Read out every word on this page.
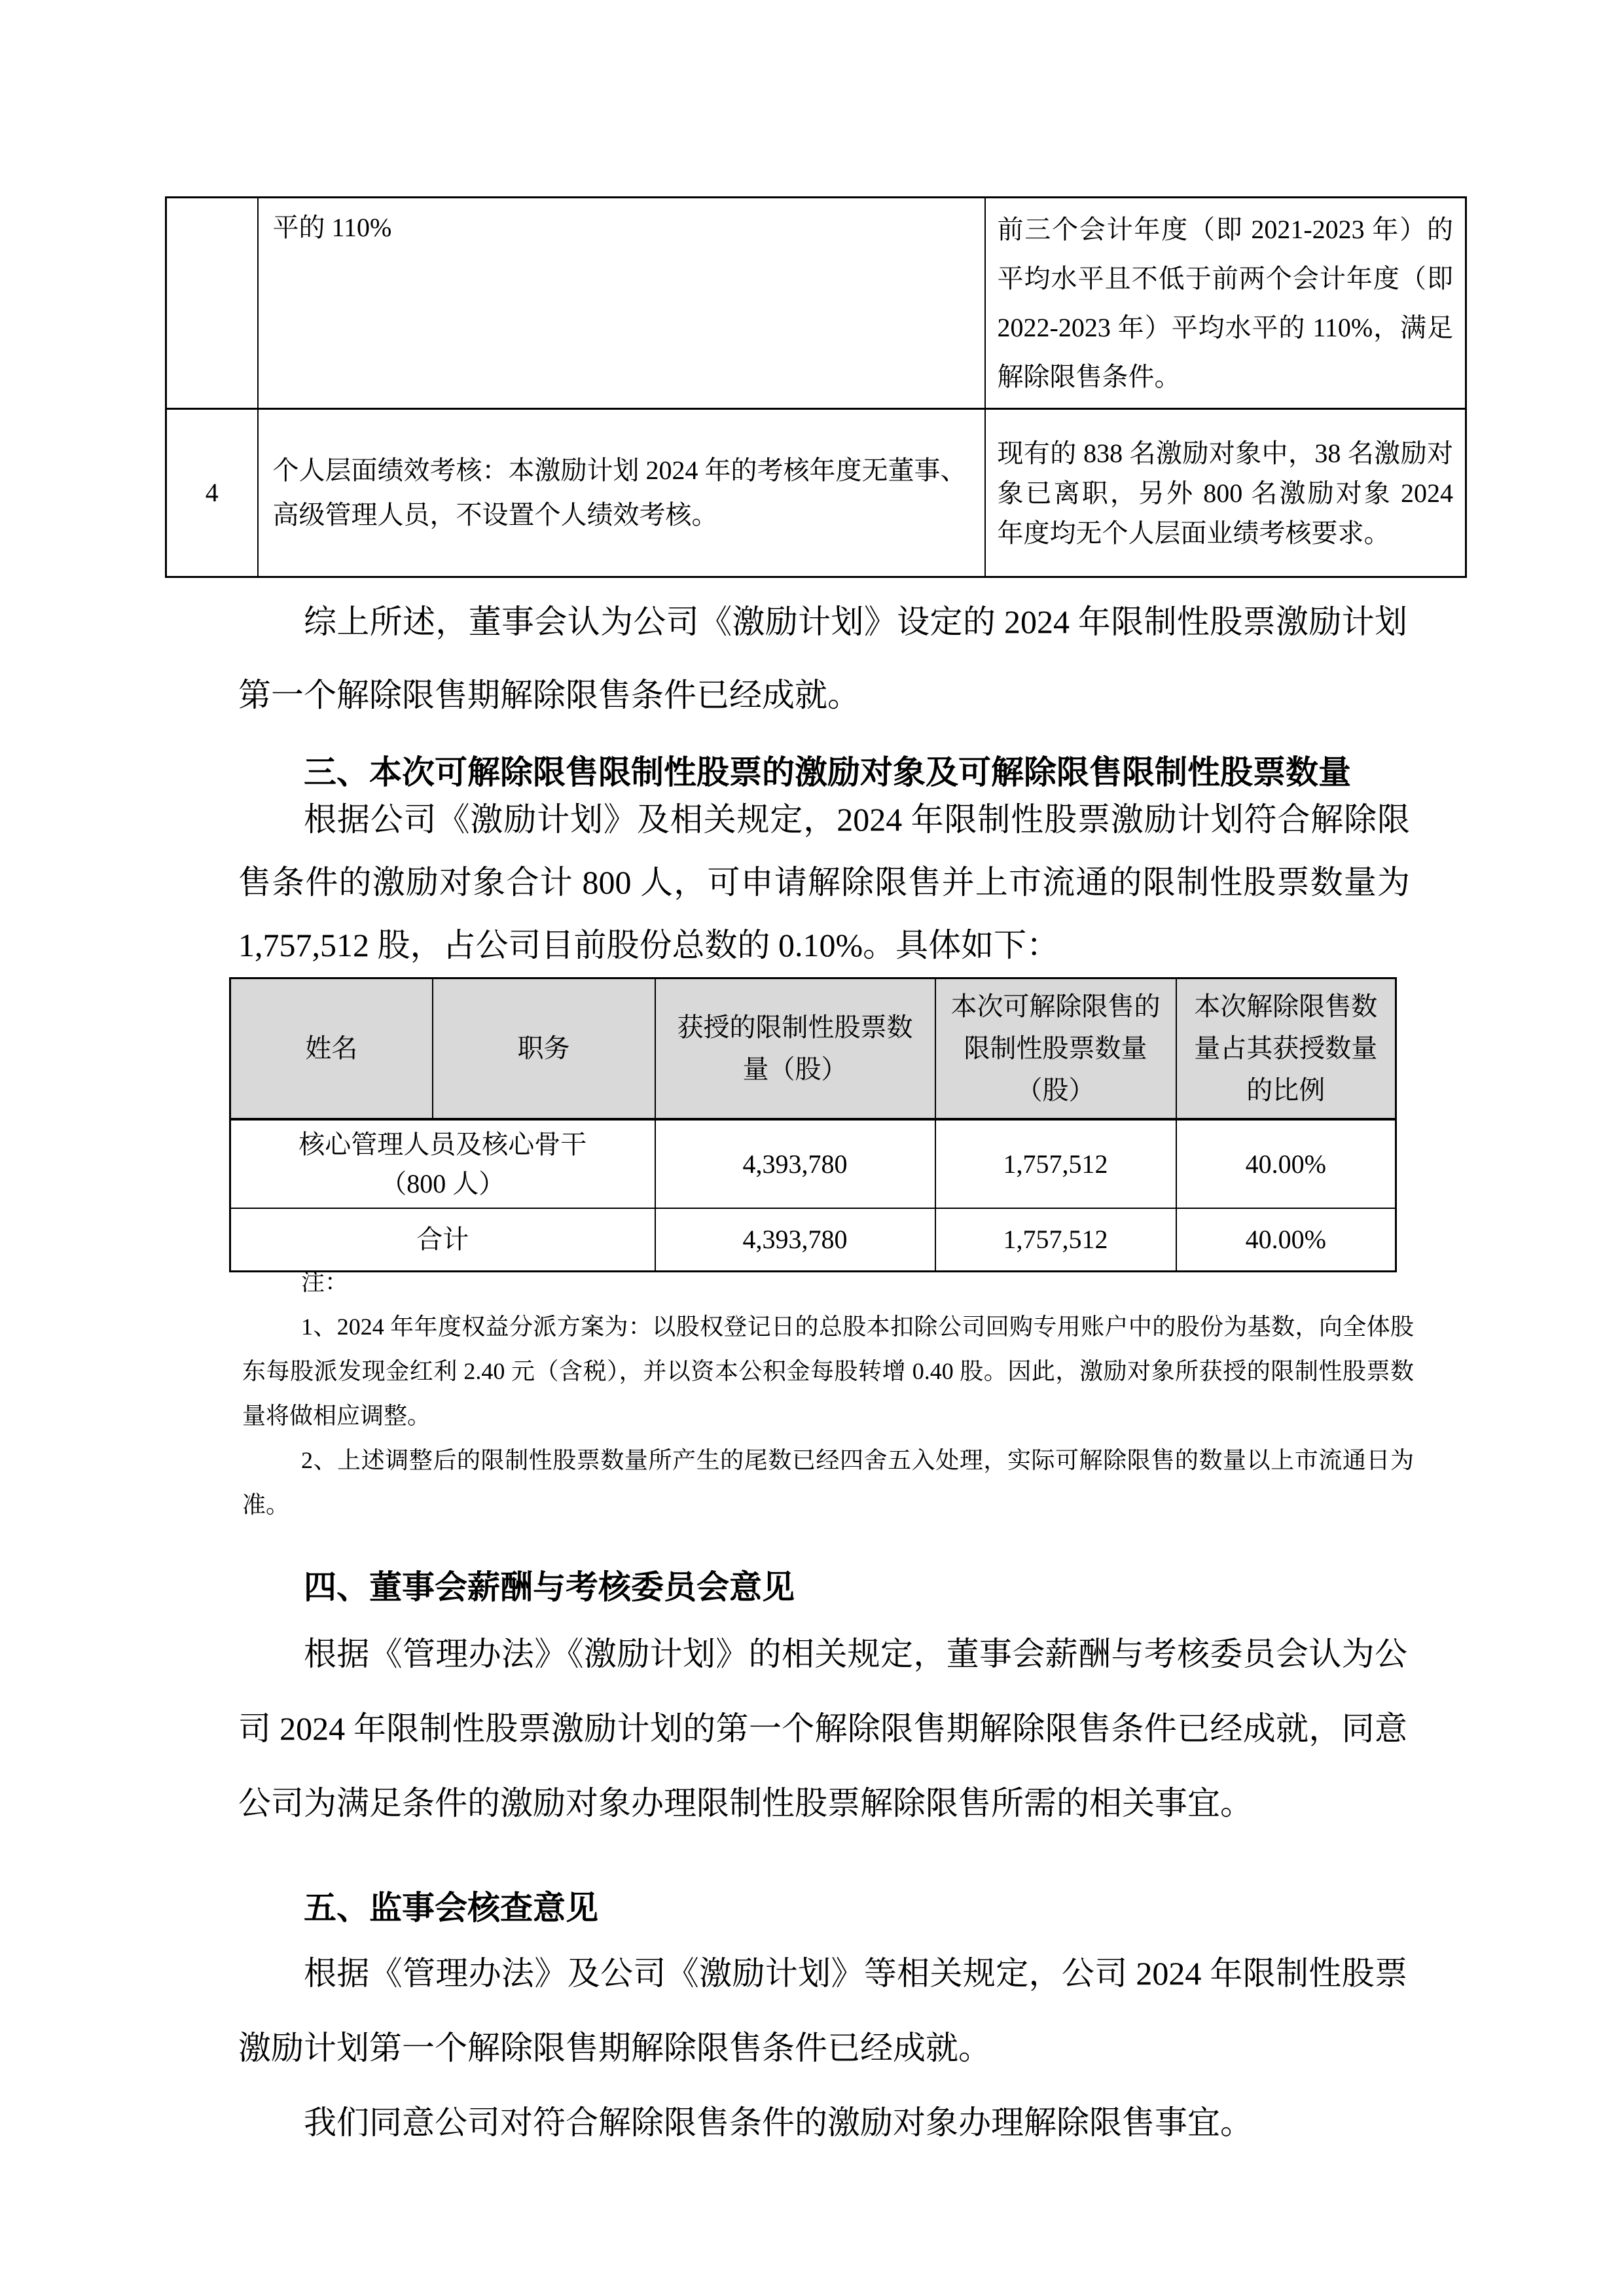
	平的 110%	前三个会计年度（即 2021-2023 年）的平均水平且不低于前两个会计年度（即 2022-2023 年）平均水平的 110%，满足解除限售条件。
4	个人层面绩效考核：本激励计划 2024 年的考核年度无董事、高级管理人员，不设置个人绩效考核。	现有的 838 名激励对象中，38 名激励对象已离职，另外 800 名激励对象 2024 年度均无个人层面业绩考核要求。

综上所述，董事会认为公司《激励计划》设定的 2024 年限制性股票激励计划第一个解除限售期解除限售条件已经成就。

三、本次可解除限售限制性股票的激励对象及可解除限售限制性股票数量

根据公司《激励计划》及相关规定，2024 年限制性股票激励计划符合解除限售条件的激励对象合计 800 人，可申请解除限售并上市流通的限制性股票数量为 1,757,512 股，占公司目前股份总数的 0.10%。具体如下：

姓名	职务	获授的限制性股票数量（股）	本次可解除限售的限制性股票数量（股）	本次解除限售数量占其获授数量的比例

核心管理人员及核心骨干
（800 人）		4,393,780	1,757,512	40.00%
合计		4,393,780	1,757,512	40.00%

注：

1、2024 年年度权益分派方案为：以股权登记日的总股本扣除公司回购专用账户中的股份为基数，向全体股东每股派发现金红利 2.40 元（含税），并以资本公积金每股转增 0.40 股。因此，激励对象所获授的限制性股票数量将做相应调整。

2、上述调整后的限制性股票数量所产生的尾数已经四舍五入处理，实际可解除限售的数量以上市流通日为准。

四、董事会薪酬与考核委员会意见

根据《管理办法》《激励计划》的相关规定，董事会薪酬与考核委员会认为公司 2024 年限制性股票激励计划的第一个解除限售期解除限售条件已经成就，同意公司为满足条件的激励对象办理限制性股票解除限售所需的相关事宜。

五、监事会核查意见

根据《管理办法》及公司《激励计划》等相关规定，公司 2024 年限制性股票激励计划第一个解除限售期解除限售条件已经成就。

我们同意公司对符合解除限售条件的激励对象办理解除限售事宜。
